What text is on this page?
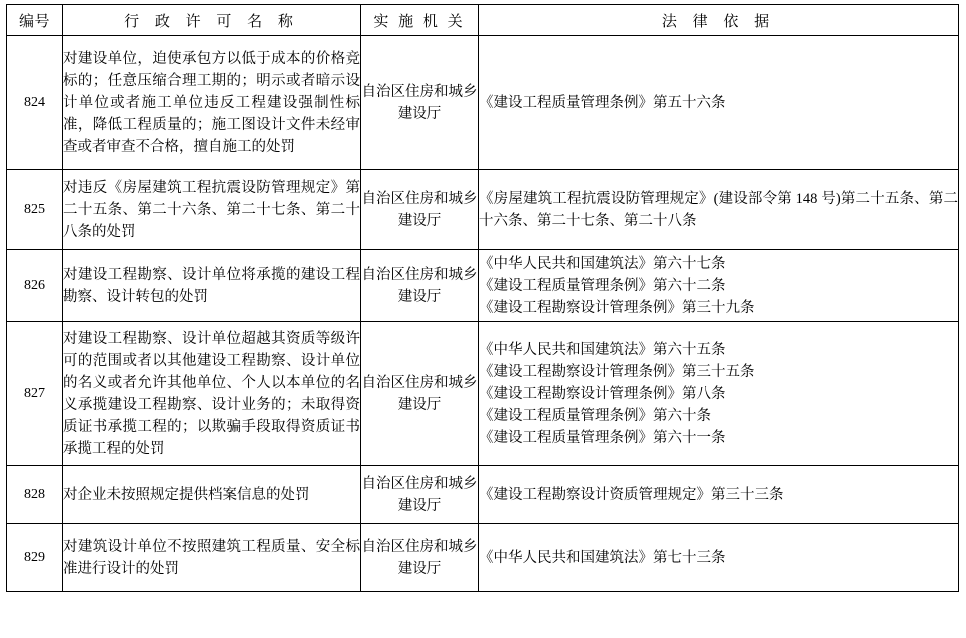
编号	行 政 许 可 名 称	实 施 机 关	法 律 依 据
824	对建设单位，迫使承包方以低于成本的价格竞标的；任意压缩合理工期的；明示或者暗示设计单位或者施工单位违反工程建设强制性标准，降低工程质量的；施工图设计文件未经审查或者审查不合格，擅自施工的处罚	自治区住房和城乡建设厅	《建设工程质量管理条例》第五十六条

825	对违反《房屋建筑工程抗震设防管理规定》第二十五条、第二十六条、第二十七条、第二十八条的处罚	自治区住房和城乡建设厅	《房屋建筑工程抗震设防管理规定》(建设部令第 148 号)第二十五条、第二十六条、第二十七条、第二十八条

826	对建设工程勘察、设计单位将承揽的建设工程勘察、设计转包的处罚	自治区住房和城乡建设厅	《中华人民共和国建筑法》第六十七条
《建设工程质量管理条例》第六十二条
《建设工程勘察设计管理条例》第三十九条

827	对建设工程勘察、设计单位超越其资质等级许可的范围或者以其他建设工程勘察、设计单位的名义或者允许其他单位、个人以本单位的名义承揽建设工程勘察、设计业务的；未取得资质证书承揽工程的；以欺骗手段取得资质证书承揽工程的处罚	自治区住房和城乡建设厅	《中华人民共和国建筑法》第六十五条
《建设工程勘察设计管理条例》第三十五条
《建设工程勘察设计管理条例》第八条
《建设工程质量管理条例》第六十条
《建设工程质量管理条例》第六十一条

828	对企业未按照规定提供档案信息的处罚	自治区住房和城乡建设厅	《建设工程勘察设计资质管理规定》第三十三条

829	对建筑设计单位不按照建筑工程质量、安全标准进行设计的处罚	自治区住房和城乡建设厅	《中华人民共和国建筑法》第七十三条
